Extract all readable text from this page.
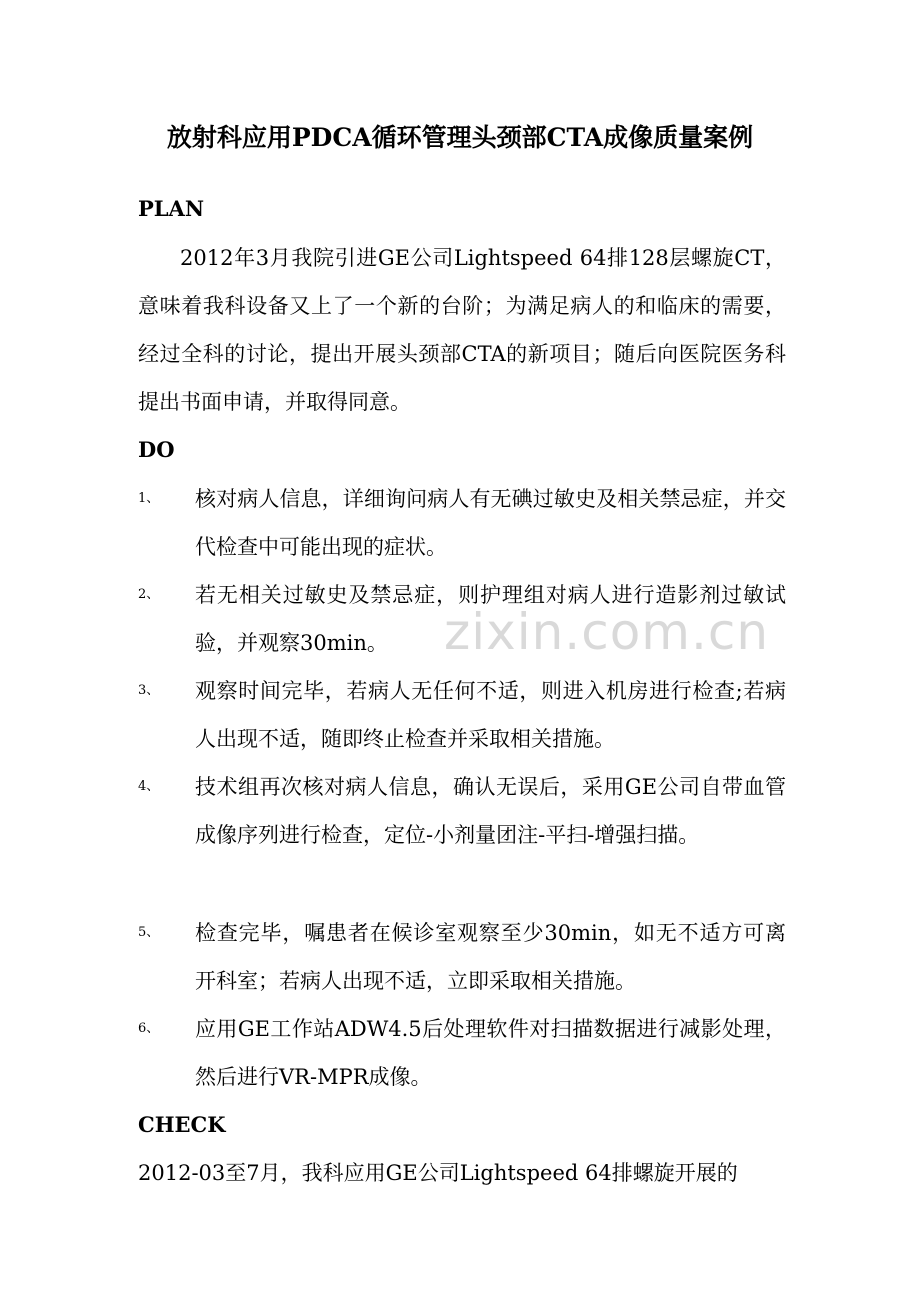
放射科应用PDCA循环管理头颈部CTA成像质量案例
PLAN

2012年3月我院引进GE公司Lightspeed 64排128层螺旋CT，意味着我科设备又上了一个新的台阶；为满足病人的和临床的需要，经过全科的讨论，提出开展头颈部CTA的新项目；随后向医院医务科提出书面申请，并取得同意。

DO
1、	核对病人信息，详细询问病人有无碘过敏史及相关禁忌症，并交代检查中可能出现的症状。
2、	若无相关过敏史及禁忌症，则护理组对病人进行造影剂过敏试验，并观察30min。
3、	观察时间完毕，若病人无任何不适，则进入机房进行检查;若病人出现不适，随即终止检查并采取相关措施。
4、	技术组再次核对病人信息，确认无误后，采用GE公司自带血管成像序列进行检查，定位-小剂量团注-平扫-增强扫描。
5、	检查完毕，嘱患者在候诊室观察至少30min，如无不适方可离开科室；若病人出现不适，立即采取相关措施。
6、	应用GE工作站ADW4.5后处理软件对扫描数据进行减影处理，然后进行VR-MPR成像。
CHECK

2012-03至7月，我科应用GE公司Lightspeed 64排螺旋开展的

zixin.com.cn
